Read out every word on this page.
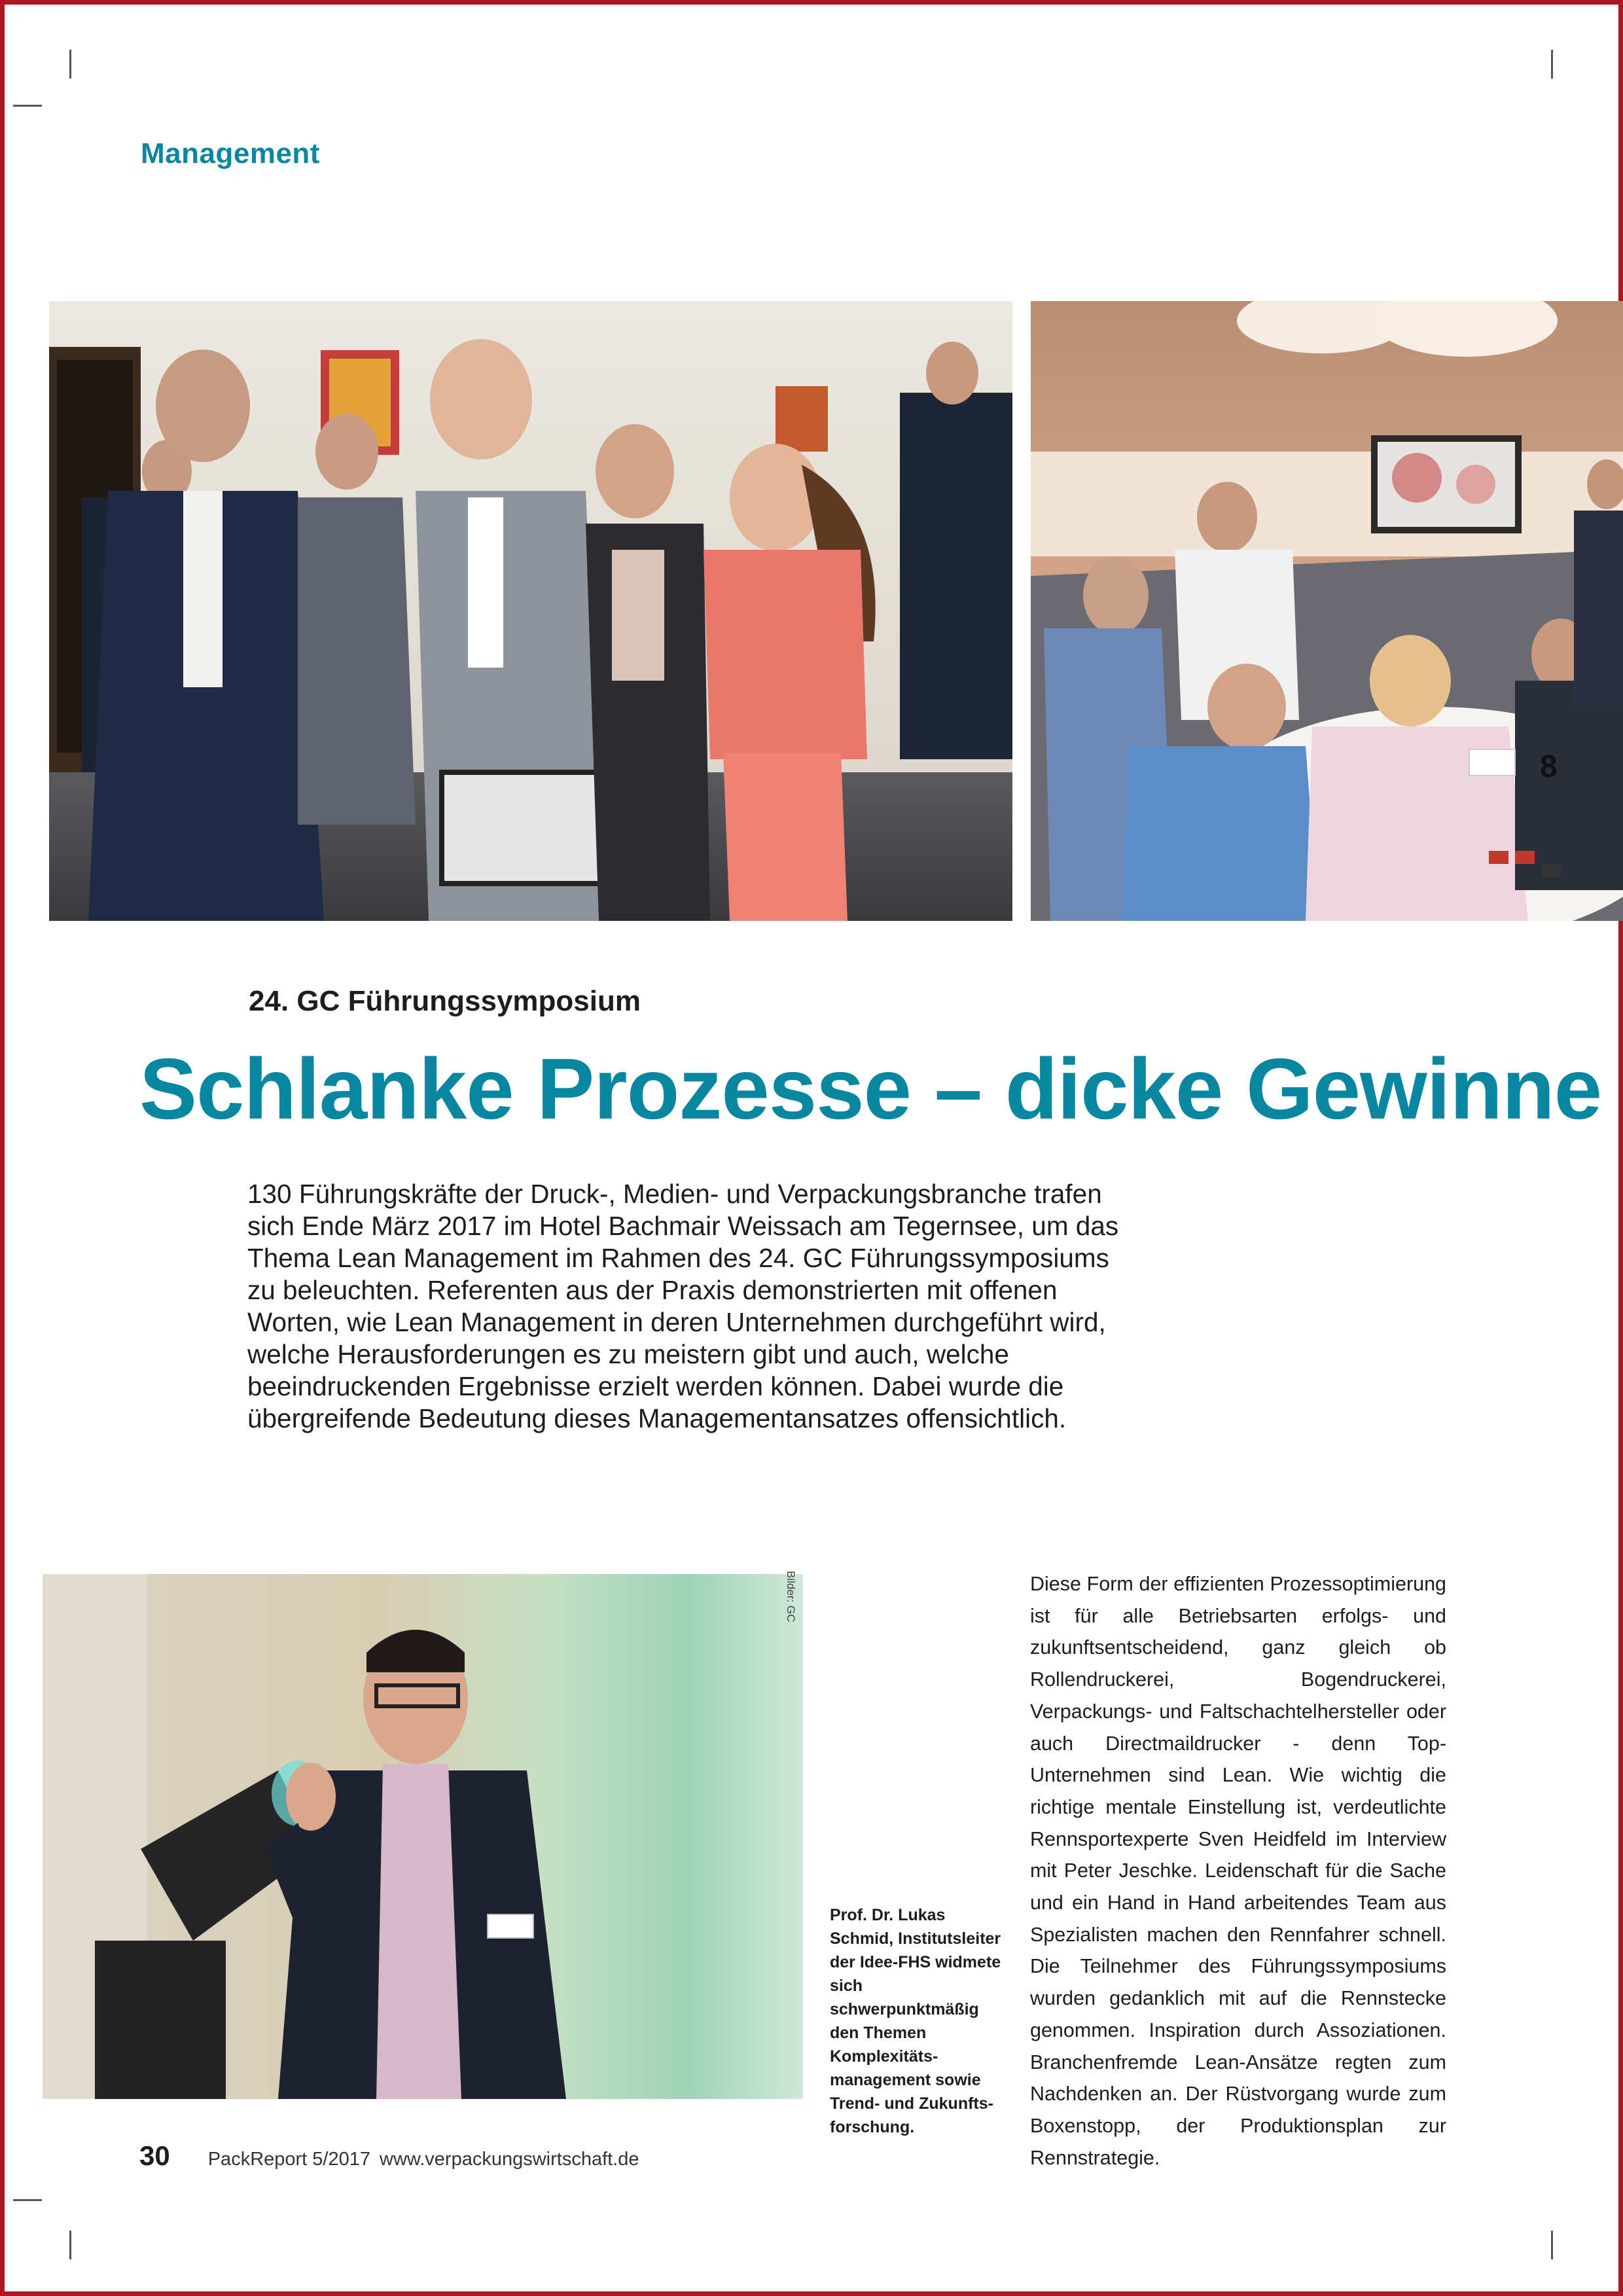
Management
8
24. GC Führungssymposium
Schlanke Prozesse – dicke Gewinne

130 Führungskräfte der Druck-, Medien- und Verpackungsbranche trafen sich Ende März 2017 im Hotel Bachmair Weissach am Tegernsee, um das Thema Lean Management im Rahmen des 24. GC Führungssymposiums zu beleuchten. Referenten aus der Praxis demonstrierten mit offenen Worten, wie Lean Management in deren Unternehmen durchgeführt wird, welche Herausforderungen es zu meistern gibt und auch, welche beeindruckenden Ergebnisse erzielt werden können. Dabei wurde die übergreifende Bedeutung dieses Managementansatzes offensichtlich.

Bilder: GC

Prof. Dr. Lukas Schmid, Institutsleiter der Idee-FHS widmete sich schwerpunktmäßig den Themen Komplexitäts-management sowie Trend- und Zukunfts-forschung.

Diese Form der effizienten Prozessoptimierung ist für alle Betriebsarten erfolgs- und zukunftsentscheidend, ganz gleich ob Rollendruckerei, Bogendruckerei, Verpackungs- und Faltschachtelhersteller oder auch Directmaildrucker - denn Top-Unternehmen sind Lean. Wie wichtig die richtige mentale Einstellung ist, verdeutlichte Rennsportexperte Sven Heidfeld im Interview mit Peter Jeschke. Leidenschaft für die Sache und ein Hand in Hand arbeitendes Team aus Spezialisten machen den Rennfahrer schnell. Die Teilnehmer des Führungssymposiums wurden gedanklich mit auf die Rennstecke genommen. Inspiration durch Assoziationen. Branchenfremde Lean-Ansätze regten zum Nachdenken an. Der Rüstvorgang wurde zum Boxenstopp, der Produktionsplan zur Rennstrategie.

30 PackReport 5/2017 www.verpackungswirtschaft.de
